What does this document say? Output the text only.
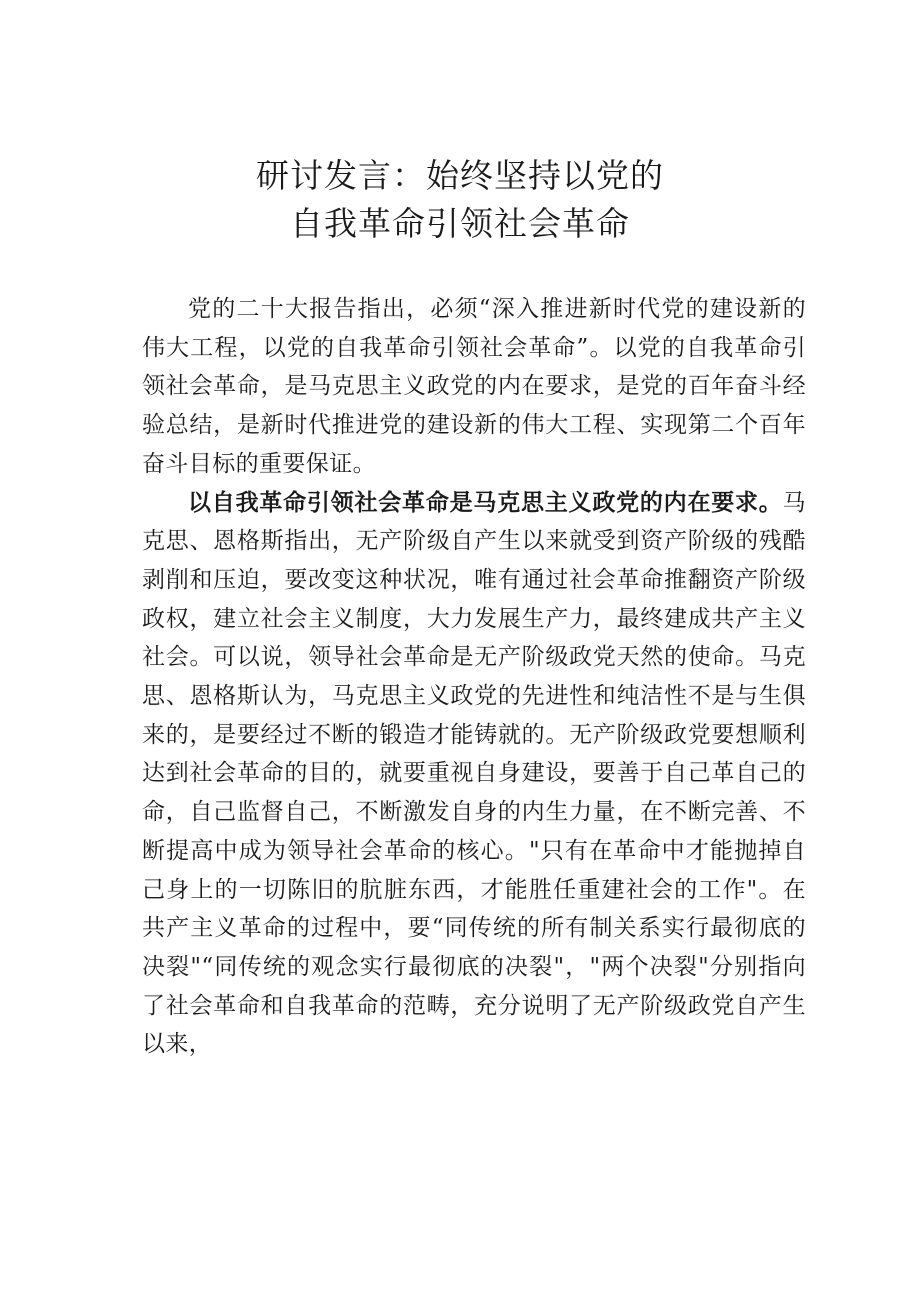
研讨发言：始终坚持以党的
自我革命引领社会革命

党的二十大报告指出，必须“深入推进新时代党的建设新的伟大工程，以党的自我革命引领社会革命”。以党的自我革命引领社会革命，是马克思主义政党的内在要求，是党的百年奋斗经验总结，是新时代推进党的建设新的伟大工程、实现第二个百年奋斗目标的重要保证。

以自我革命引领社会革命是马克思主义政党的内在要求。马克思、恩格斯指出，无产阶级自产生以来就受到资产阶级的残酷剥削和压迫，要改变这种状况，唯有通过社会革命推翻资产阶级政权，建立社会主义制度，大力发展生产力，最终建成共产主义社会。可以说，领导社会革命是无产阶级政党天然的使命。马克思、恩格斯认为，马克思主义政党的先进性和纯洁性不是与生俱来的，是要经过不断的锻造才能铸就的。无产阶级政党要想顺利达到社会革命的目的，就要重视自身建设，要善于自己革自己的命，自己监督自己，不断激发自身的内生力量，在不断完善、不断提高中成为领导社会革命的核心。"只有在革命中才能抛掉自己身上的一切陈旧的肮脏东西，才能胜任重建社会的工作"。在共产主义革命的过程中，要“同传统的所有制关系实行最彻底的决裂"“同传统的观念实行最彻底的决裂"，"两个决裂"分别指向了社会革命和自我革命的范畴，充分说明了无产阶级政党自产生以来，
